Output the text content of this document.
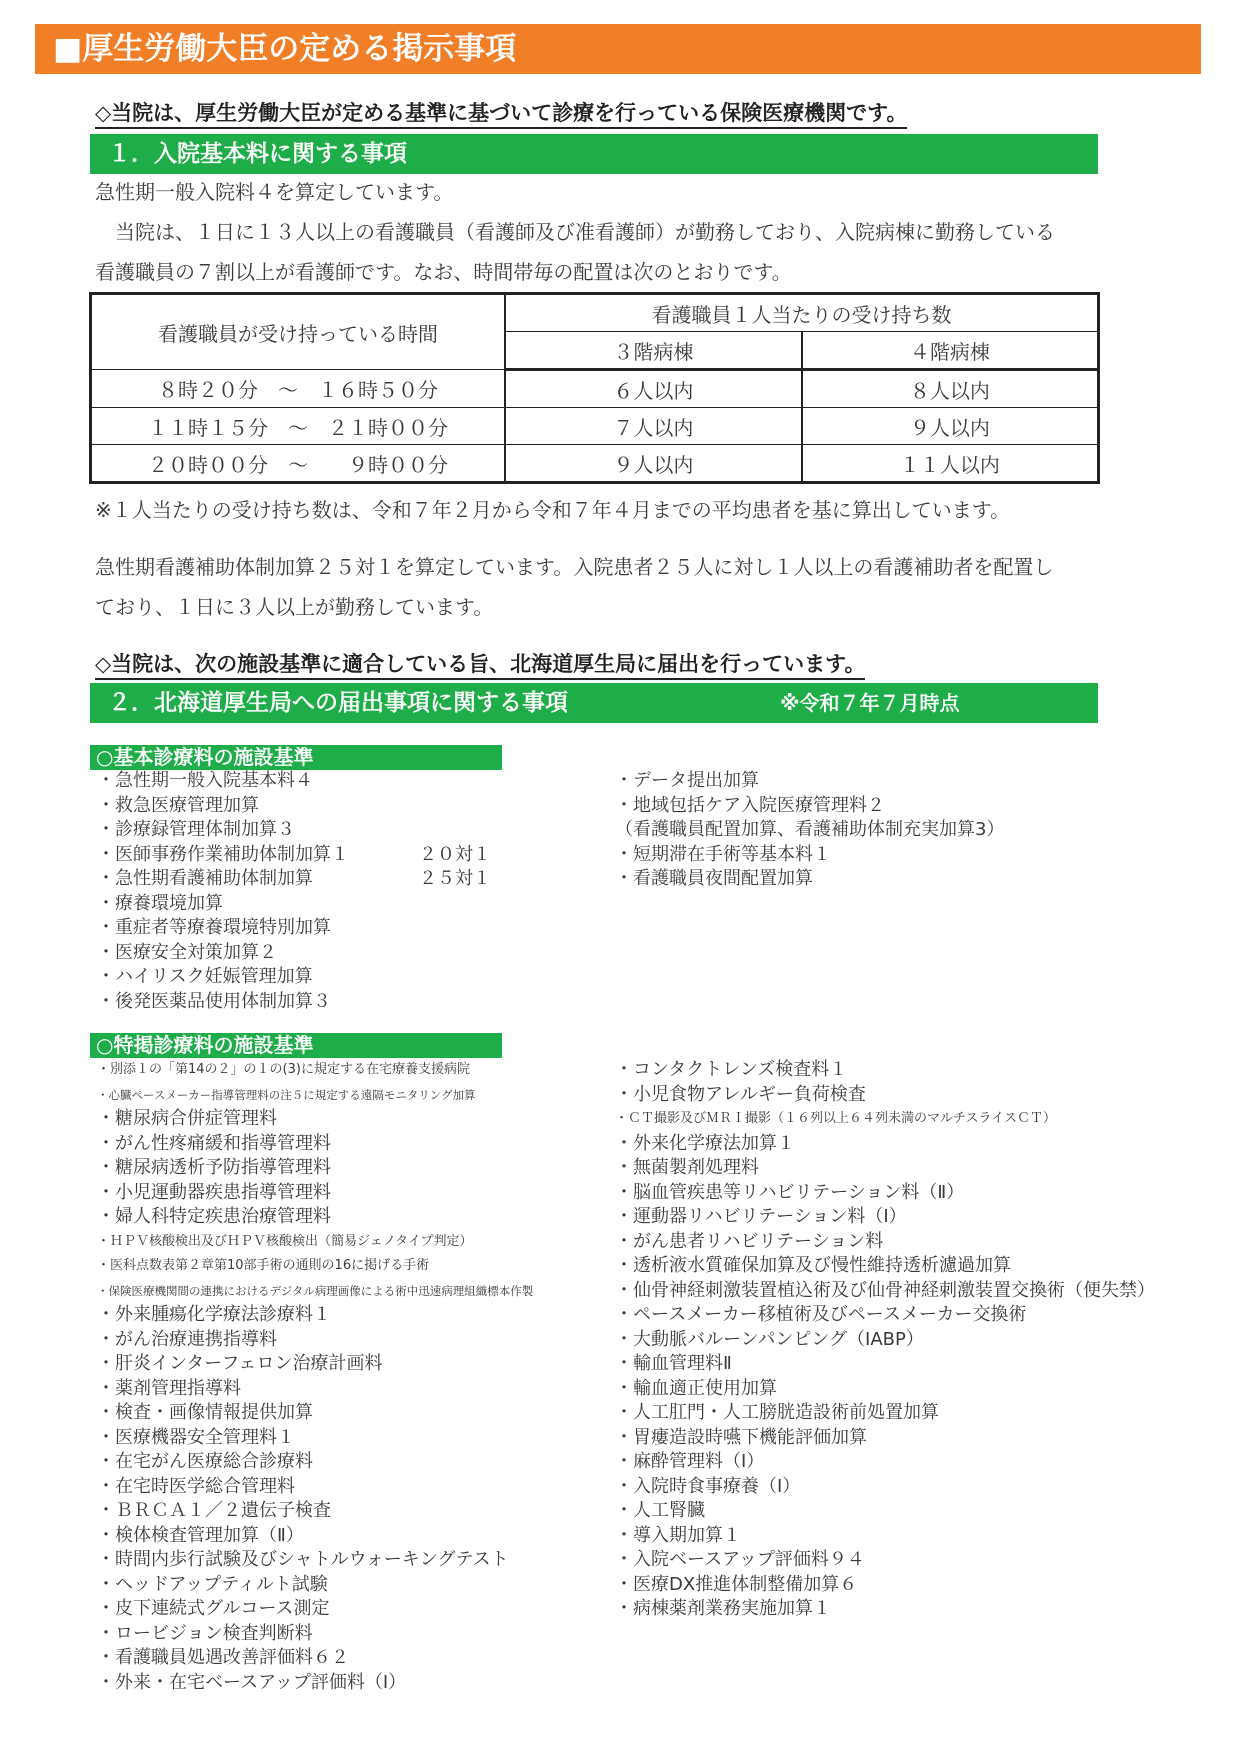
■厚生労働大臣の定める掲示事項
◇当院は、厚生労働大臣が定める基準に基づいて診療を行っている保険医療機関です。
１．入院基本料に関する事項
急性期一般入院料４を算定しています。
　当院は、１日に１３人以上の看護職員（看護師及び准看護師）が勤務しており、入院病棟に勤務している
看護職員の７割以上が看護師です。なお、時間帯毎の配置は次のとおりです。
看護職員が受け持っている時間	看護職員１人当たりの受け持ち数	
	３階病棟	４階病棟
８時２０分　～　１６時５０分	６人以内	８人以内
１１時１５分　～　２１時００分	７人以内	９人以内
２０時００分　～　　９時００分	９人以内	１１人以内
※１人当たりの受け持ち数は、令和７年２月から令和７年４月までの平均患者を基に算出しています。
急性期看護補助体制加算２５対１を算定しています。入院患者２５人に対し１人以上の看護補助者を配置し
ており、１日に３人以上が勤務しています。
◇当院は、次の施設基準に適合している旨、北海道厚生局に届出を行っています。
２．北海道厚生局への届出事項に関する事項	※令和７年７月時点
○基本診療料の施設基準
・急性期一般入院基本料４
・救急医療管理加算
・診療録管理体制加算３
・医師事務作業補助体制加算１	２０対１
・急性期看護補助体制加算	２５対１
・療養環境加算
・重症者等療養環境特別加算
・医療安全対策加算２
・ハイリスク妊娠管理加算
・後発医薬品使用体制加算３
・データ提出加算
・地域包括ケア入院医療管理料２
（看護職員配置加算、看護補助体制充実加算3）
・短期滞在手術等基本料１
・看護職員夜間配置加算
○特掲診療料の施設基準
・別添１の「第14の２」の１の(3)に規定する在宅療養支援病院
・心臓ペースメーカー指導管理料の注５に規定する遠隔モニタリング加算
・糖尿病合併症管理料
・がん性疼痛緩和指導管理料
・糖尿病透析予防指導管理料
・小児運動器疾患指導管理料
・婦人科特定疾患治療管理料
・ＨＰＶ核酸検出及びＨＰＶ核酸検出（簡易ジェノタイプ判定）
・医科点数表第２章第10部手術の通則の16に掲げる手術
・保険医療機関間の連携におけるデジタル病理画像による術中迅速病理組織標本作製
・外来腫瘍化学療法診療料１
・がん治療連携指導料
・肝炎インターフェロン治療計画料
・薬剤管理指導料
・検査・画像情報提供加算
・医療機器安全管理料１
・在宅がん医療総合診療料
・在宅時医学総合管理料
・ＢＲＣＡ１／２遺伝子検査
・検体検査管理加算（Ⅱ）
・時間内歩行試験及びシャトルウォーキングテスト
・ヘッドアップティルト試験
・皮下連続式グルコース測定
・ロービジョン検査判断料
・看護職員処遇改善評価料６２
・外来・在宅ベースアップ評価料（Ⅰ）
・コンタクトレンズ検査料１
・小児食物アレルギー負荷検査
・ＣＴ撮影及びＭＲＩ撮影（１６列以上６４列未満のマルチスライスＣＴ）
・外来化学療法加算１
・無菌製剤処理料
・脳血管疾患等リハビリテーション料（Ⅱ）
・運動器リハビリテーション料（Ⅰ）
・がん患者リハビリテーション料
・透析液水質確保加算及び慢性維持透析濾過加算
・仙骨神経刺激装置植込術及び仙骨神経刺激装置交換術（便失禁）
・ペースメーカー移植術及びペースメーカー交換術
・大動脈バルーンパンピング（IABP）
・輸血管理料Ⅱ
・輸血適正使用加算
・人工肛門・人工膀胱造設術前処置加算
・胃瘻造設時嚥下機能評価加算
・麻酔管理料（Ⅰ）
・入院時食事療養（Ⅰ）
・人工腎臓
・導入期加算１
・入院ベースアップ評価料９４
・医療DX推進体制整備加算６
・病棟薬剤業務実施加算１
